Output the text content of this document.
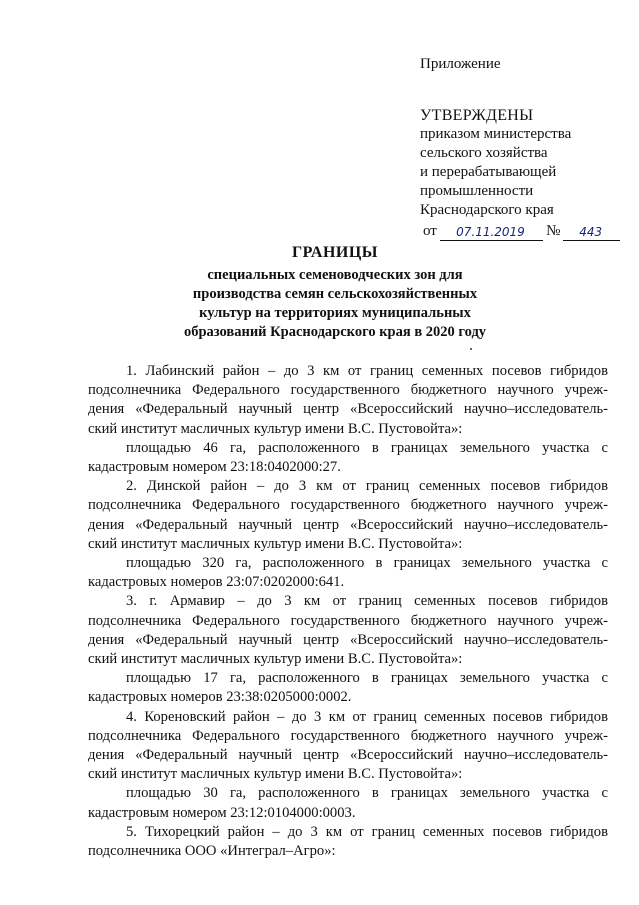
Приложение

УТВЕРЖДЕНЫ

приказом министерства

сельского хозяйства

и перерабатывающей

промышленности

Краснодарского края

от	07.11.2019	№	443
ГРАНИЦЫ
специальных семеноводческих зон для
производства семян сельскохозяйственных
культур на территориях муниципальных
образований Краснодарского края в 2020 году
1. Лабинский район – до 3 км от границ семенных посевов гибридов
подсолнечника Федерального государственного бюджетного научного учреж-
дения «Федеральный научный центр «Всероссийский научно–исследователь-
ский институт масличных культур имени В.С. Пустовойта»:
площадью 46 га, расположенного в границах земельного участка с
кадастровым номером 23:18:0402000:27.
2. Динской район – до 3 км от границ семенных посевов гибридов
подсолнечника Федерального государственного бюджетного научного учреж-
дения «Федеральный научный центр «Всероссийский научно–исследователь-
ский институт масличных культур имени В.С. Пустовойта»:
площадью 320 га, расположенного в границах земельного участка с
кадастровых номеров 23:07:0202000:641.
3. г. Армавир – до 3 км от границ семенных посевов гибридов
подсолнечника Федерального государственного бюджетного научного учреж-
дения «Федеральный научный центр «Всероссийский научно–исследователь-
ский институт масличных культур имени В.С. Пустовойта»:
площадью 17 га, расположенного в границах земельного участка с
кадастровых номеров 23:38:0205000:0002.
4. Кореновский район – до 3 км от границ семенных посевов гибридов
подсолнечника Федерального государственного бюджетного научного учреж-
дения «Федеральный научный центр «Всероссийский научно–исследователь-
ский институт масличных культур имени В.С. Пустовойта»:
площадью 30 га, расположенного в границах земельного участка с
кадастровым номером 23:12:0104000:0003.
5. Тихорецкий район – до 3 км от границ семенных посевов гибридов
подсолнечника ООО «Интеграл–Агро»:
